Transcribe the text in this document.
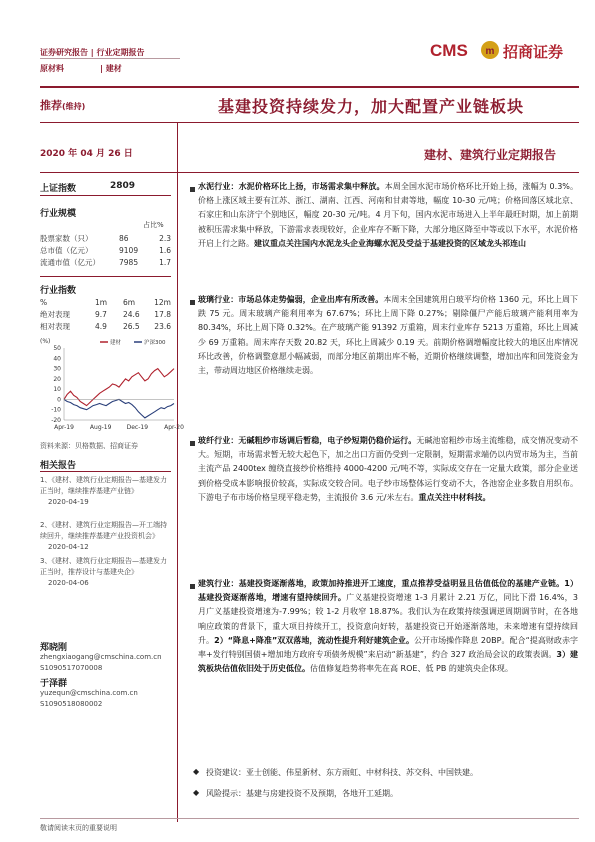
证券研究报告 | 行业定期报告
原材料	| 建材
CMS m 招商证券
推荐(维持)	基建投资持续发力，加大配置产业链板块
2020 年 04 月 26 日	建材、建筑行业定期报告
上证指数	2809
行业规模
占比%
股票家数（只）	86	2.3
总市值（亿元）	9109	1.6
流通市值（亿元）	7985	1.7
行业指数
%	1m	6m	12m
绝对表现	9.7	24.6	17.8
相对表现	4.9	26.5	23.6
(%)
50
40
30
20
10
0
-10
-20
Apr-19	Aug-19	Dec-19	Apr-20
建材	沪深300
资料来源：贝格数据、招商证券
相关报告
1、《建材、建筑行业定期报告—基建发力正当时，继续推荐基建产业链》
2020-04-19
2、《建材、建筑行业定期报告—开工端持续回升，继续推荐基建产业投资机会》
2020-04-12
3、《建材、建筑行业定期报告—基建发力正当时，推荐设计与基建央企》
2020-04-06
郑晓刚
zhengxiaogang@cmschina.com.cn
S1090517070008
于泽群
yuzequn@cmschina.com.cn
S1090518080002
水泥行业：水泥价格环比上扬，市场需求集中释放。本周全国水泥市场价格环比开始上扬，涨幅为 0.3%。价格上涨区域主要有江苏、浙江、湖南、江西、河南和甘肃等地，幅度 10-30 元/吨；价格回落区域北京、石家庄和山东济宁个别地区，幅度 20-30 元/吨。4 月下旬，国内水泥市场进入上半年最旺时期，加上前期被积压需求集中释放，下游需求表现较好，企业库存不断下降，大部分地区降至中等或以下水平，水泥价格开启上行之路。建议重点关注国内水泥龙头企业海螺水泥及受益于基建投资的区域龙头祁连山
玻璃行业：市场总体走势偏弱，企业出库有所改善。本周末全国建筑用白玻平均价格 1360 元，环比上周下跌 75 元。周末玻璃产能利用率为 67.67%；环比上周下降 0.27%；剔除僵尸产能后玻璃产能利用率为 80.34%，环比上周下降 0.32%。在产玻璃产能 91392 万重箱，周末行业库存 5213 万重箱，环比上周减少 69 万重箱。周末库存天数 20.82 天，环比上周减少 0.19 天。前期价格调增幅度比较大的地区出库情况环比改善，价格调整意愿小幅减弱，而部分地区前期出库不畅，近期价格继续调整，增加出库和回笼资金为主，带动周边地区价格继续走弱。
玻纤行业：无碱粗纱市场调后暂稳，电子纱短期仍稳价运行。无碱池窑粗纱市场主流维稳，成交情况变动不大。短期，市场需求暂无较大起色下，加之出口方面仍受到一定限制，短期需求端仍以内贸市场为主，当前主流产品 2400tex 缠绕直接纱价格维持 4000-4200 元/吨不等，实际成交存在一定量大政策，部分企业送到价格受成本影响报价较高，实际成交较合同。电子纱市场整体运行变动不大，各池窑企业多数自用织布。下游电子布市场价格呈现平稳走势，主流报价 3.6 元/米左右。重点关注中材科技。
建筑行业：基建投资逐渐落地，政策加持推进开工速度，重点推荐受益明显且估值低位的基建产业链。1）基建投资逐渐落地，增速有望持续回升。广义基建投资增速 1-3 月累计 2.21 万亿，同比下滑 16.4%，3 月广义基建投资增速为-7.99%；较 1-2 月收窄 18.87%。我们认为在政策持续强调逆周期调节时，在各地响应政策的背景下，重大项目持续开工，投资意向好转，基建投资已开始逐渐落地，未来增速有望持续回升。2）“降息+降准”双双落地，流动性提升利好建筑企业。公开市场操作降息 20BP。配合“提高财政赤字率+发行特别国债+增加地方政府专项债务规模”来启动“新基建”，约合 327 政治局会议的政策表调。3）建筑板块估值依旧处于历史低位。估值修复趋势将率先在高 ROE、低 PB 的建筑央企体现。
◆ 投资建议：亚士创能、伟星新材、东方雨虹、中材科技、苏交科、中国铁建。
◆ 风险提示：基建与房建投资不及预期，各地开工延期。
敬请阅读末页的重要说明
